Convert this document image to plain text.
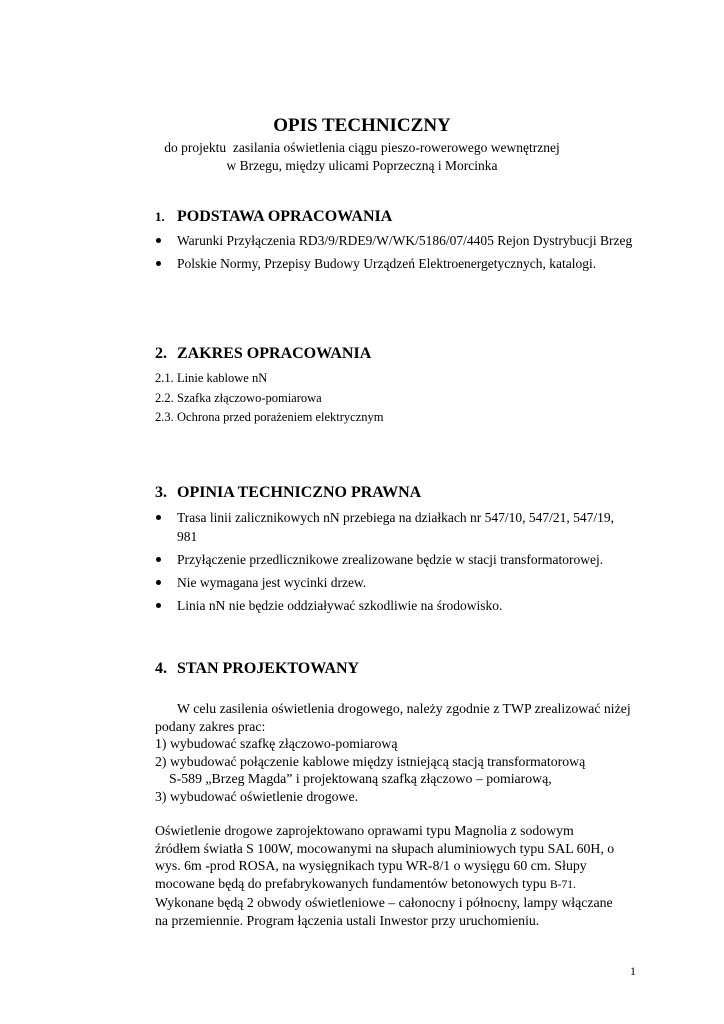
OPIS TECHNICZNY

do projektu  zasilania oświetlenia ciągu pieszo-rowerowego wewnętrznej

w Brzegu, między ulicami Poprzeczną i Morcinka

1. PODSTAWA OPRACOWANIA
Warunki Przyłączenia RD3/9/RDE9/W/WK/5186/07/4405 Rejon Dystrybucji Brzeg
Polskie Normy, Przepisy Budowy Urządzeń Elektroenergetycznych, katalogi.
2. ZAKRES OPRACOWANIA
2.1. Linie kablowe nN
2.2. Szafka złączowo-pomiarowa
2.3. Ochrona przed porażeniem elektrycznym
3. OPINIA TECHNICZNO PRAWNA
Trasa linii zalicznikowych nN przebiega na działkach nr 547/10, 547/21, 547/19, 981
Przyłączenie przedlicznikowe zrealizowane będzie w stacji transformatorowej.
Nie wymagana jest wycinki drzew.
Linia nN nie będzie oddziaływać szkodliwie na środowisko.
4. STAN PROJEKTOWANY

W celu zasilenia oświetlenia drogowego, należy zgodnie z TWP zrealizować niżej

podany zakres prac:

1) wybudować szafkę złączowo-pomiarową

2) wybudować połączenie kablowe między istniejącą stacją transformatorową

S-589 „Brzeg Magda” i projektowaną szafką złączowo – pomiarową,

3) wybudować oświetlenie drogowe.

Oświetlenie drogowe zaprojektowano oprawami typu Magnolia z sodowym

źródłem światła S 100W, mocowanymi na słupach aluminiowych typu SAL 60H, o

wys. 6m -prod ROSA, na wysięgnikach typu WR-8/1 o wysięgu 60 cm. Słupy

mocowane będą do prefabrykowanych fundamentów betonowych typu B-71.

Wykonane będą 2 obwody oświetleniowe – całonocny i północny, lampy włączane

na przemiennie. Program łączenia ustali Inwestor przy uruchomieniu.

1
